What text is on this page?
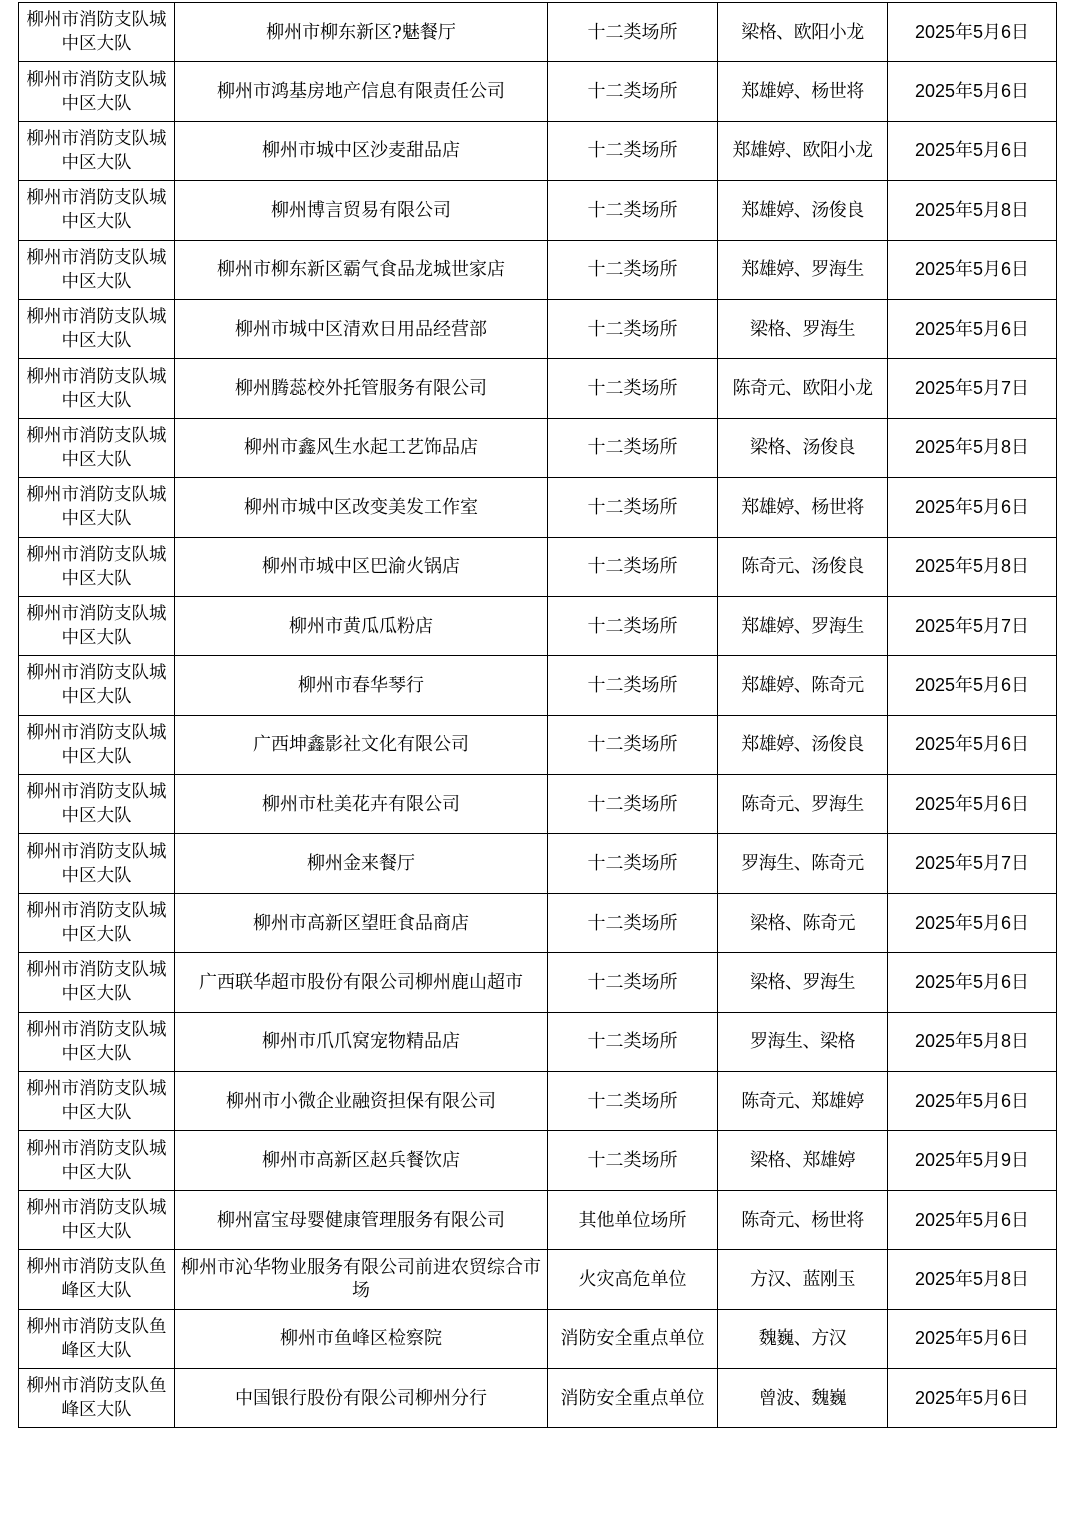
柳州市消防支队城中区大队	柳州市柳东新区?魅餐厅	十二类场所	梁格、欧阳小龙	2025年5月6日
柳州市消防支队城中区大队	柳州市鸿基房地产信息有限责任公司	十二类场所	郑雄婷、杨世将	2025年5月6日
柳州市消防支队城中区大队	柳州市城中区沙麦甜品店	十二类场所	郑雄婷、欧阳小龙	2025年5月6日
柳州市消防支队城中区大队	柳州博言贸易有限公司	十二类场所	郑雄婷、汤俊良	2025年5月8日
柳州市消防支队城中区大队	柳州市柳东新区霸气食品龙城世家店	十二类场所	郑雄婷、罗海生	2025年5月6日
柳州市消防支队城中区大队	柳州市城中区清欢日用品经营部	十二类场所	梁格、罗海生	2025年5月6日
柳州市消防支队城中区大队	柳州腾蕊校外托管服务有限公司	十二类场所	陈奇元、欧阳小龙	2025年5月7日
柳州市消防支队城中区大队	柳州市鑫风生水起工艺饰品店	十二类场所	梁格、汤俊良	2025年5月8日
柳州市消防支队城中区大队	柳州市城中区改变美发工作室	十二类场所	郑雄婷、杨世将	2025年5月6日
柳州市消防支队城中区大队	柳州市城中区巴渝火锅店	十二类场所	陈奇元、汤俊良	2025年5月8日
柳州市消防支队城中区大队	柳州市黄瓜瓜粉店	十二类场所	郑雄婷、罗海生	2025年5月7日
柳州市消防支队城中区大队	柳州市春华琴行	十二类场所	郑雄婷、陈奇元	2025年5月6日
柳州市消防支队城中区大队	广西坤鑫影社文化有限公司	十二类场所	郑雄婷、汤俊良	2025年5月6日
柳州市消防支队城中区大队	柳州市杜美花卉有限公司	十二类场所	陈奇元、罗海生	2025年5月6日
柳州市消防支队城中区大队	柳州金来餐厅	十二类场所	罗海生、陈奇元	2025年5月7日
柳州市消防支队城中区大队	柳州市高新区望旺食品商店	十二类场所	梁格、陈奇元	2025年5月6日
柳州市消防支队城中区大队	广西联华超市股份有限公司柳州鹿山超市	十二类场所	梁格、罗海生	2025年5月6日
柳州市消防支队城中区大队	柳州市爪爪窝宠物精品店	十二类场所	罗海生、梁格	2025年5月8日
柳州市消防支队城中区大队	柳州市小微企业融资担保有限公司	十二类场所	陈奇元、郑雄婷	2025年5月6日
柳州市消防支队城中区大队	柳州市高新区赵兵餐饮店	十二类场所	梁格、郑雄婷	2025年5月9日
柳州市消防支队城中区大队	柳州富宝母婴健康管理服务有限公司	其他单位场所	陈奇元、杨世将	2025年5月6日
柳州市消防支队鱼峰区大队	柳州市沁华物业服务有限公司前进农贸综合市场	火灾高危单位	方汉、蓝刚玉	2025年5月8日
柳州市消防支队鱼峰区大队	柳州市鱼峰区检察院	消防安全重点单位	魏巍、方汉	2025年5月6日
柳州市消防支队鱼峰区大队	中国银行股份有限公司柳州分行	消防安全重点单位	曾波、魏巍	2025年5月6日
